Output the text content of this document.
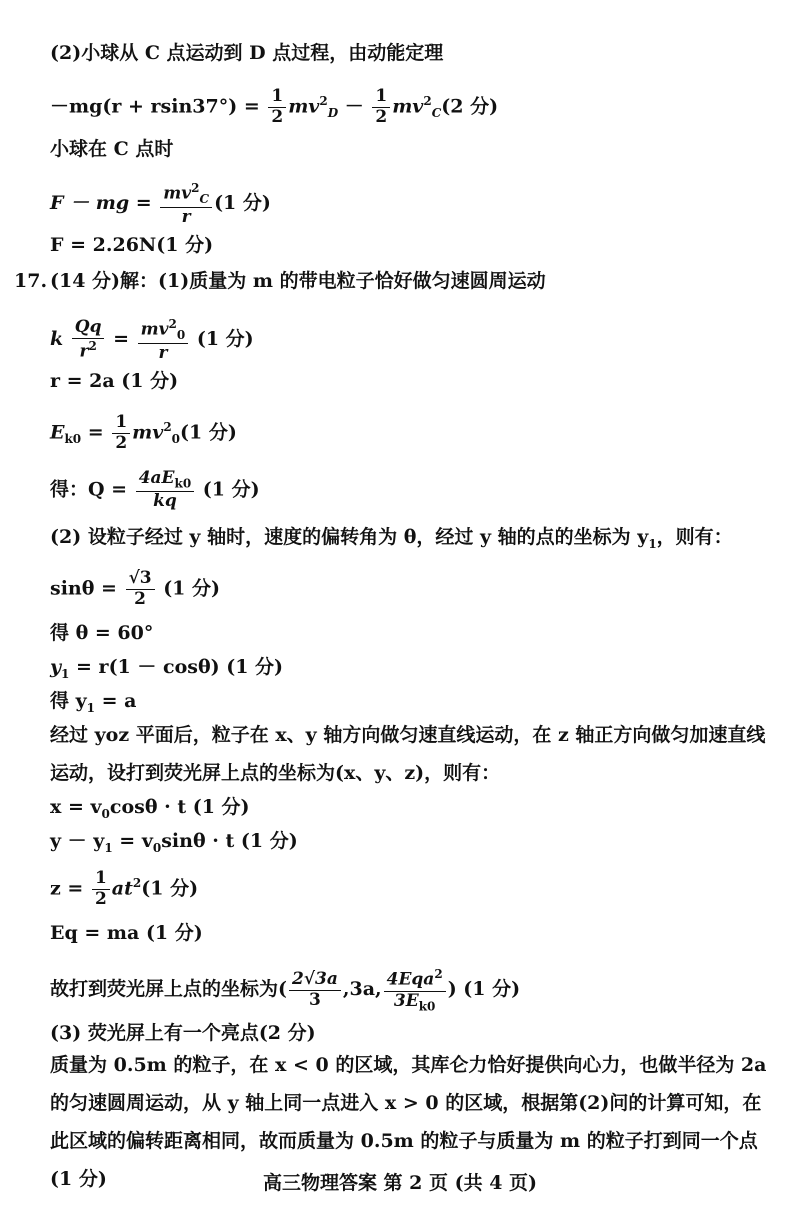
(2)小球从 C 点运动到 D 点过程，由动能定理
$-mg(r + rsin37^\circ) = \frac{1}{2} mv^2_D - \frac{1}{2} mv^2_C(2$ 分)
小球在 C 点时
F － mg = $\frac{mv^2_C}{r} (1$ 分)
F = 2.26N(1 分)
17. (14 分)解：(1)质量为 m 的带电粒子恰好做匀速圆周运动
k $\frac{Qq}{r^2} = \frac{mv^2_0}{r} (1$ 分)
r = 2a (1 分)
$E_{k0} = \frac{1}{2} mv^2_0(1$ 分)
得：$Q = \frac{4aE_{k0}}{kq} (1$ 分)
(2) 设粒子经过 y 轴时，速度的偏转角为 θ，经过 y 轴的点的坐标为 $y_1$，则有：
$\sin\theta = \frac{√3}{2} (1$ 分)
得 θ = 60°
$y_1 = r(1 - \cos\theta)$ (1 分)
得 $y_1 = a$
经过 yoz 平面后，粒子在 x、y 轴方向做匀速直线运动，在 z 轴正方向做匀加速直线运动，设打到荧光屏上点的坐标为(x、y、z)，则有：
$x = v_0\cos\theta \cdot t$ (1 分)
$y - y_1 = v_0\sin\theta \cdot t$ (1 分)
$z = \frac{1}{2} at^2(1$ 分)
Eq = ma (1 分)
故打到荧光屏上点的坐标为( $\frac{2√3a}{3} ,3a$, $\frac{4Eqa^2}{3E_{k0}}$ ) (1 分)
(3) 荧光屏上有一个亮点(2 分)
质量为 0.5m 的粒子，在 x < 0 的区域，其库仑力恰好提供向心力，也做半径为 2a 的匀速圆周运动，从 y 轴上同一点进入 x > 0 的区域，根据第(2)问的计算可知，在此区域的偏转距离相同，故而质量为 0.5m 的粒子与质量为 m 的粒子打到同一个点 (1 分)	高三物理答案 第 2 页 (共 4 页)
